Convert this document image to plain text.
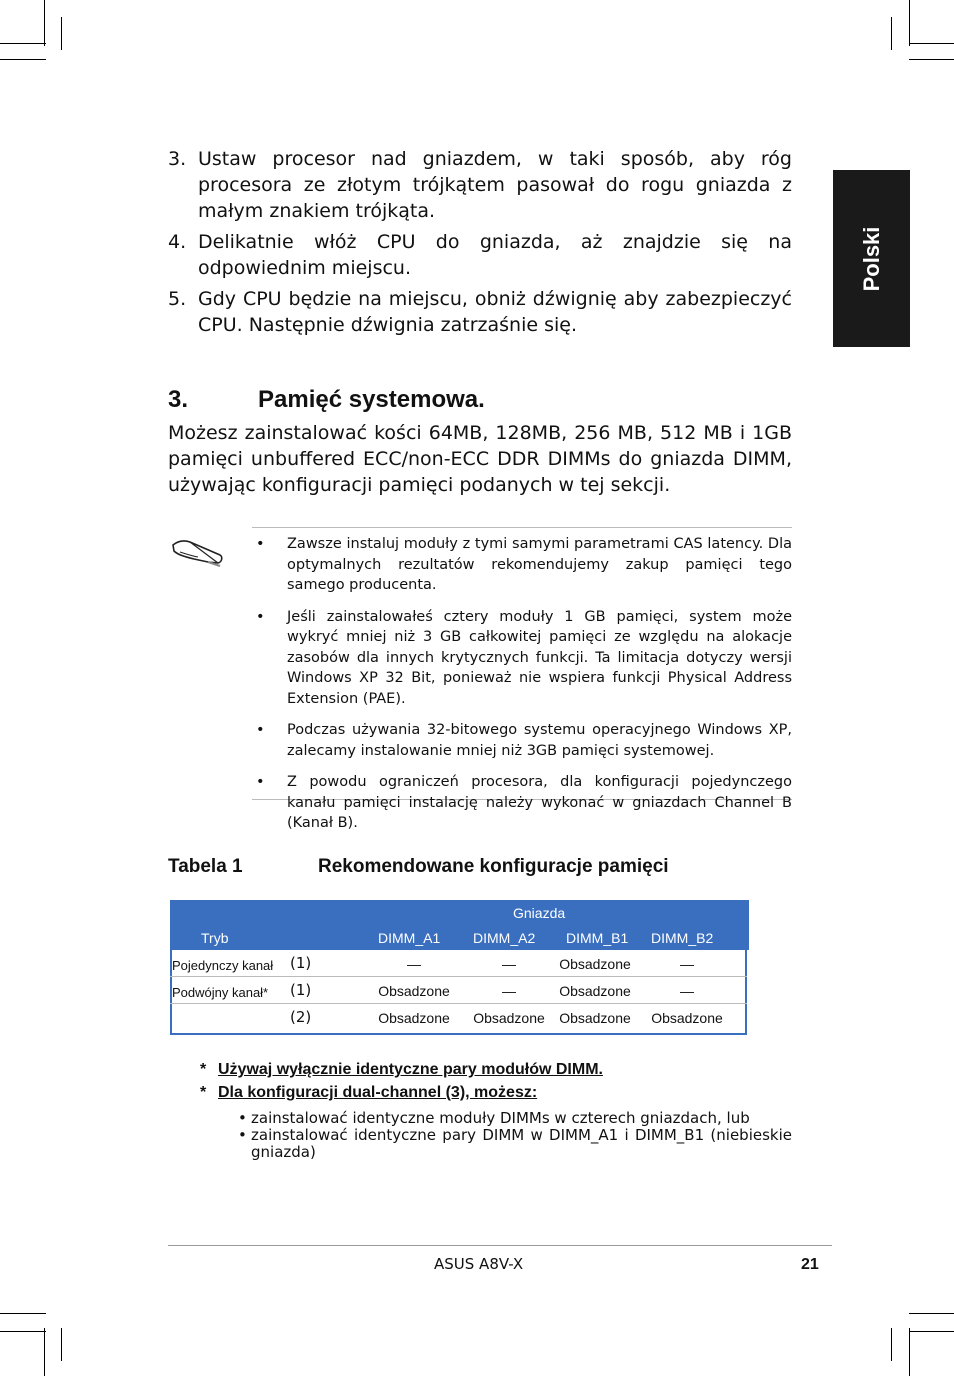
Polski
3. Ustaw procesor nad gniazdem, w taki sposób, aby róg procesora ze złotym trójkątem pasował do rogu gniazda z małym znakiem trójkąta.
4. Delikatnie włóż CPU do gniazda, aż znajdzie się na odpowiednim miejscu.
5. Gdy CPU będzie na miejscu, obniż dźwignię aby zabezpieczyć CPU. Następnie dźwignia zatrzaśnie się.
3.	Pamięć systemowa.

Możesz zainstalować kości 64MB, 128MB, 256 MB, 512 MB i 1GB pamięci unbuffered ECC/non-ECC DDR DIMMs do gniazda DIMM, używając konfiguracji pamięci podanych w tej sekcji.

• Zawsze instaluj moduły z tymi samymi parametrami CAS latency. Dla optymalnych rezultatów rekomendujemy zakup pamięci tego samego producenta.
• Jeśli zainstalowałeś cztery moduły 1 GB pamięci, system może wykryć mniej niż 3 GB całkowitej pamięci ze względu na alokacje zasobów dla innych krytycznych funkcji. Ta limitacja dotyczy wersji Windows XP 32 Bit, ponieważ nie wspiera funkcji Physical Address Extension (PAE).
• Podczas używania 32-bitowego systemu operacyjnego Windows XP, zalecamy instalowanie mniej niż 3GB pamięci systemowej.
• Z powodu ograniczeń procesora, dla konfiguracji pojedynczego kanału pamięci instalację należy wykonać w gniazdach Channel B (Kanał B).
Tabela 1	Rekomendowane konfiguracje pamięci
Gniazda
Tryb	DIMM_A1 DIMM_A2 DIMM_B1 DIMM_B2
Pojedynczy kanał (1)	—	—	Obsadzone	—
Podwójny kanał* (1)	Obsadzone	—	Obsadzone	—
(2)	Obsadzone Obsadzone Obsadzone Obsadzone
* Używaj wyłącznie identyczne pary modułów DIMM.
* Dla konfiguracji dual-channel (3), możesz:
• zainstalować identyczne moduły DIMMs w czterech gniazdach, lub
• zainstalować identyczne pary DIMM w DIMM_A1 i DIMM_B1 (niebieskie gniazda)
ASUS A8V-X	21
